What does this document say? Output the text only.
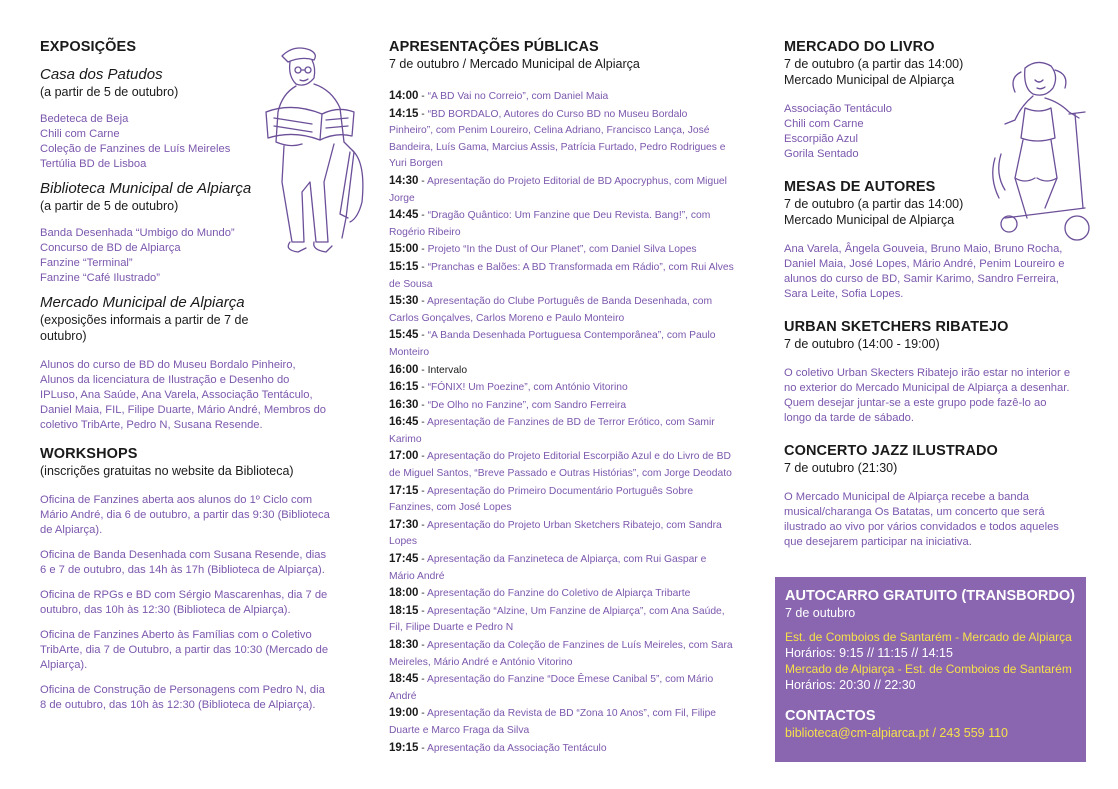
EXPOSIÇÕES
Casa dos Patudos
(a partir de 5 de outubro)
Bedeteca de Beja
Chili com Carne
Coleção de Fanzines de Luís Meireles
Tertúlia BD de Lisboa
Biblioteca Municipal de Alpiarça
(a partir de 5 de outubro)
Banda Desenhada “Umbigo do Mundo”
Concurso de BD de Alpiarça
Fanzine “Terminal”
Fanzine “Café Ilustrado”
Mercado Municipal de Alpiarça
(exposições informais a partir de 7 de outubro)
Alunos do curso de BD do Museu Bordalo Pinheiro, Alunos da licenciatura de Ilustração e Desenho do IPLuso, Ana Saúde, Ana Varela, Associação Tentáculo, Daniel Maia, FIL, Filipe Duarte, Mário André, Membros do coletivo TribArte, Pedro N, Susana Resende.
WORKSHOPS
(inscrições gratuitas no website da Biblioteca)
Oficina de Fanzines aberta aos alunos do 1º Ciclo com Mário André, dia 6 de outubro, a partir das 9:30 (Biblioteca de Alpiarça).
Oficina de Banda Desenhada com Susana Resende, dias 6 e 7 de outubro, das 14h às 17h (Biblioteca de Alpiarça).
Oficina de RPGs e BD com Sérgio Mascarenhas, dia 7 de outubro, das 10h às 12:30 (Biblioteca de Alpiarça).
Oficina de Fanzines Aberto às Famílias com o Coletivo TribArte, dia 7 de Outubro, a partir das 10:30 (Mercado de Alpiarça).
Oficina de Construção de Personagens com Pedro N, dia 8 de outubro, das 10h às 12:30 (Biblioteca de Alpiarça).
APRESENTAÇÕES PÚBLICAS
7 de outubro / Mercado Municipal de Alpiarça
14:00 - “A BD Vai no Correio”, com Daniel Maia
14:15 - “BD BORDALO, Autores do Curso BD no Museu Bordalo Pinheiro”, com Penim Loureiro, Celina Adriano, Francisco Lança, José Bandeira, Luís Gama, Marcius Assis, Patrícia Furtado, Pedro Rodrigues e Yuri Borgen
14:30 - Apresentação do Projeto Editorial de BD Apocryphus, com Miguel Jorge
14:45 - “Dragão Quântico: Um Fanzine que Deu Revista. Bang!”, com Rogério Ribeiro
15:00 - Projeto “In the Dust of Our Planet”, com Daniel Silva Lopes
15:15 - “Pranchas e Balões: A BD Transformada em Rádio”, com Rui Alves de Sousa
15:30 - Apresentação do Clube Português de Banda Desenhada, com Carlos Gonçalves, Carlos Moreno e Paulo Monteiro
15:45 - “A Banda Desenhada Portuguesa Contemporânea”, com Paulo Monteiro
16:00 - Intervalo
16:15 - “FÓNIX! Um Poezine”, com António Vitorino
16:30 - “De Olho no Fanzine”, com Sandro Ferreira
16:45 - Apresentação de Fanzines de BD de Terror Erótico, com Samir Karimo
17:00 - Apresentação do Projeto Editorial Escorpião Azul e do Livro de BD de Miguel Santos, “Breve Passado e Outras Histórias”, com Jorge Deodato
17:15 - Apresentação do Primeiro Documentário Português Sobre Fanzines, com José Lopes
17:30 - Apresentação do Projeto Urban Sketchers Ribatejo, com Sandra Lopes
17:45 - Apresentação da Fanzineteca de Alpiarça, com Rui Gaspar e Mário André
18:00 - Apresentação do Fanzine do Coletivo de Alpiarça Tribarte
18:15 - Apresentação “Alzine, Um Fanzine de Alpiarça”, com Ana Saúde, Fil, Filipe Duarte e Pedro N
18:30 - Apresentação da Coleção de Fanzines de Luís Meireles, com Sara Meireles, Mário André e António Vitorino
18:45 - Apresentação do Fanzine “Doce Êmese Canibal 5”, com Mário André
19:00 - Apresentação da Revista de BD “Zona 10 Anos”, com Fil, Filipe Duarte e Marco Fraga da Silva
19:15 - Apresentação da Associação Tentáculo
MERCADO DO LIVRO
7 de outubro (a partir das 14:00)
Mercado Municipal de Alpiarça
Associação Tentáculo
Chili com Carne
Escorpião Azul
Gorila Sentado
MESAS DE AUTORES
7 de outubro (a partir das 14:00)
Mercado Municipal de Alpiarça
Ana Varela, Ângela Gouveia, Bruno Maio, Bruno Rocha, Daniel Maia, José Lopes, Mário André, Penim Loureiro e alunos do curso de BD, Samir Karimo, Sandro Ferreira, Sara Leite, Sofia Lopes.
URBAN SKETCHERS RIBATEJO
7 de outubro (14:00 - 19:00)
O coletivo Urban Skecters Ribatejo irão estar no interior e no exterior do Mercado Municipal de Alpiarça a desenhar. Quem desejar juntar-se a este grupo pode fazê-lo ao longo da tarde de sábado.
CONCERTO JAZZ ILUSTRADO
7 de outubro (21:30)
O Mercado Municipal de Alpiarça recebe a banda musical/charanga Os Batatas, um concerto que será ilustrado ao vivo por vários convidados e todos aqueles que desejarem participar na iniciativa.
AUTOCARRO GRATUITO (TRANSBORDO)
7 de outubro
Est. de Comboios de Santarém - Mercado de Alpiarça
Horários: 9:15 // 11:15 // 14:15
Mercado de Alpiarça - Est. de Comboios de Santarém
Horários: 20:30 // 22:30
CONTACTOS
biblioteca@cm-alpiarca.pt / 243 559 110
